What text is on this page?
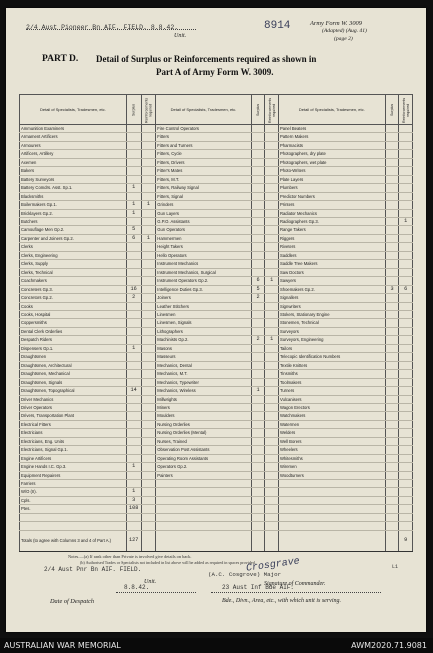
2/4 Aust Pioneer Bn AIF. FIELD. 8.8.42.
Unit.
8914	Army Form W. 3009
(Adapted) (Aug. 41)
(page 2)
PART D. Detail of Surplus or Reinforcements required as shown in
Part A of Army Form W. 3009.
Detail of Specialists, Tradesmen, etc.	Surplus	Reinforcements required	Detail of Specialists, Tradesmen, etc.	Surplus	Reinforcements required	Detail of Specialists, Tradesmen, etc.	Surplus	Reinforcements required
Ammunition Examiners			Fire Control Operators			Panel Beaters		
Armament Artificers			Fitters			Pattern Makers		
Armourers			Fitters and Turners			Pharmacists		
Artificers, Artillery			Fitters, Cycle			Photographers, dry plate		
Axemen			Fitters, Drivers			Photographers, wet plate		
Bakers			Fitter's Mates			Photo-Writers		
Battery Surveyors			Fitters, M.T.			Plate Layers		
Battery Comdrs. Asst. Sp.1.	1		Fitters, Railway Signal			Plumbers		
Blacksmiths			Fitters, Signal			Predictor Numbers		
Boilermakers Gp.1.	1	1	Grinders			Printers		
Bricklayers Gp.2.	1		Gun Layers			Radiator Mechanics		
Butchers			G.P.O. Assistants			Radiographers Gp.3.		1
Camouflage Men Gp.2.	5		Gun Operators			Range Takers		
Carpenter and Joiners Gp.2.	6	1	Hammermen			Riggers		
Clerks			Height Takers			Riveters		
Clerks, Engineering			Hello Operators			Saddlers		
Clerks, Supply			Instrument Mechanics			Saddle Tree Makers		
Clerks, Technical			Instrument Mechanics, Surgical			Saw Doctors		
Coachmakers			Instrument Operators Gp.2.	6	1	Sawyers		
Concreters Gp.3.	16		Intelligence Duties Gp.3.	5		Shoemakers Gp.2.	3	6
Concretors Gp.2.	2		Joiners	2		Signallers		
Cooks			Leather Stitchers			Signwriters		
Cooks, Hospital			Linesmen			Stokers, Stationary Engine		
Coppersmiths			Linesmen, Signals			Stonemen, Technical		
Dental Clerk Orderlies			Lithographers			Surveyors		
Despatch Riders			Machinists Gp.2.	2	1	Surveyors, Engineering		
Dispensers Gp.1.	1		Masons			Tailors		
Draughtsmen			Masseurs			Telecopic Identification Numbers		
Draughtsmen, Architectural			Mechanics, Dental			Textile Knitters		
Draughtsmen, Mechanical			Mechanics, M.T.			Tinsmiths		
Draughtsmen, Signals			Mechanics, Typewriter			Toolmakers		
Draughtsmen, Topographical	14		Mechanics, Wireless	1		Turners		
Driver Mechanics			Millwrights			Vulcanisers		
Driver Operators			Miners			Wagon Erectors		
Drivers, Transportation Plant			Moulders			Watchmakers		
Electrical Fitters			Nursing Orderlies			Watermen		
Electricians			Nursing Orderlies (Mental)			Welders		
Electricians, Eng. Units			Nurses, Trained			Well Borers		
Electricians, Signal Gp.1.			Observation Post Assistants			Wheelers		
Engine Artificers			Operating Room Assistants			Whitesmiths		
Engine Hands I.C. Gp.3.	1		Operators Gp.2.			Wiremen		
Equipment Repairers			Painters			Woodturners		
Farriers								
W/O (II).	1							
Cpls.	3							
Ptes.	108							

Totals (to agree with Columns 3 and 4 of Part A.)	127							9
Notes.—(a) If rank other than Private is involved give details on back.
(b) Authorised Trades or Specialists not included in list above will be added as required in spaces provided.
2/4 Aust Pnr Bn AIF. FIELD.	Crosgrave
(A.C. Cosgrove) Major
L1
Signature of Commander.
8.8.42.	23 Aust Inf Bde AIF.
Unit.
Date of Despatch	Bde., Divn., Area, etc., with which unit is serving.
AUSTRALIAN WAR MEMORIAL	AWM2020.71.9081
